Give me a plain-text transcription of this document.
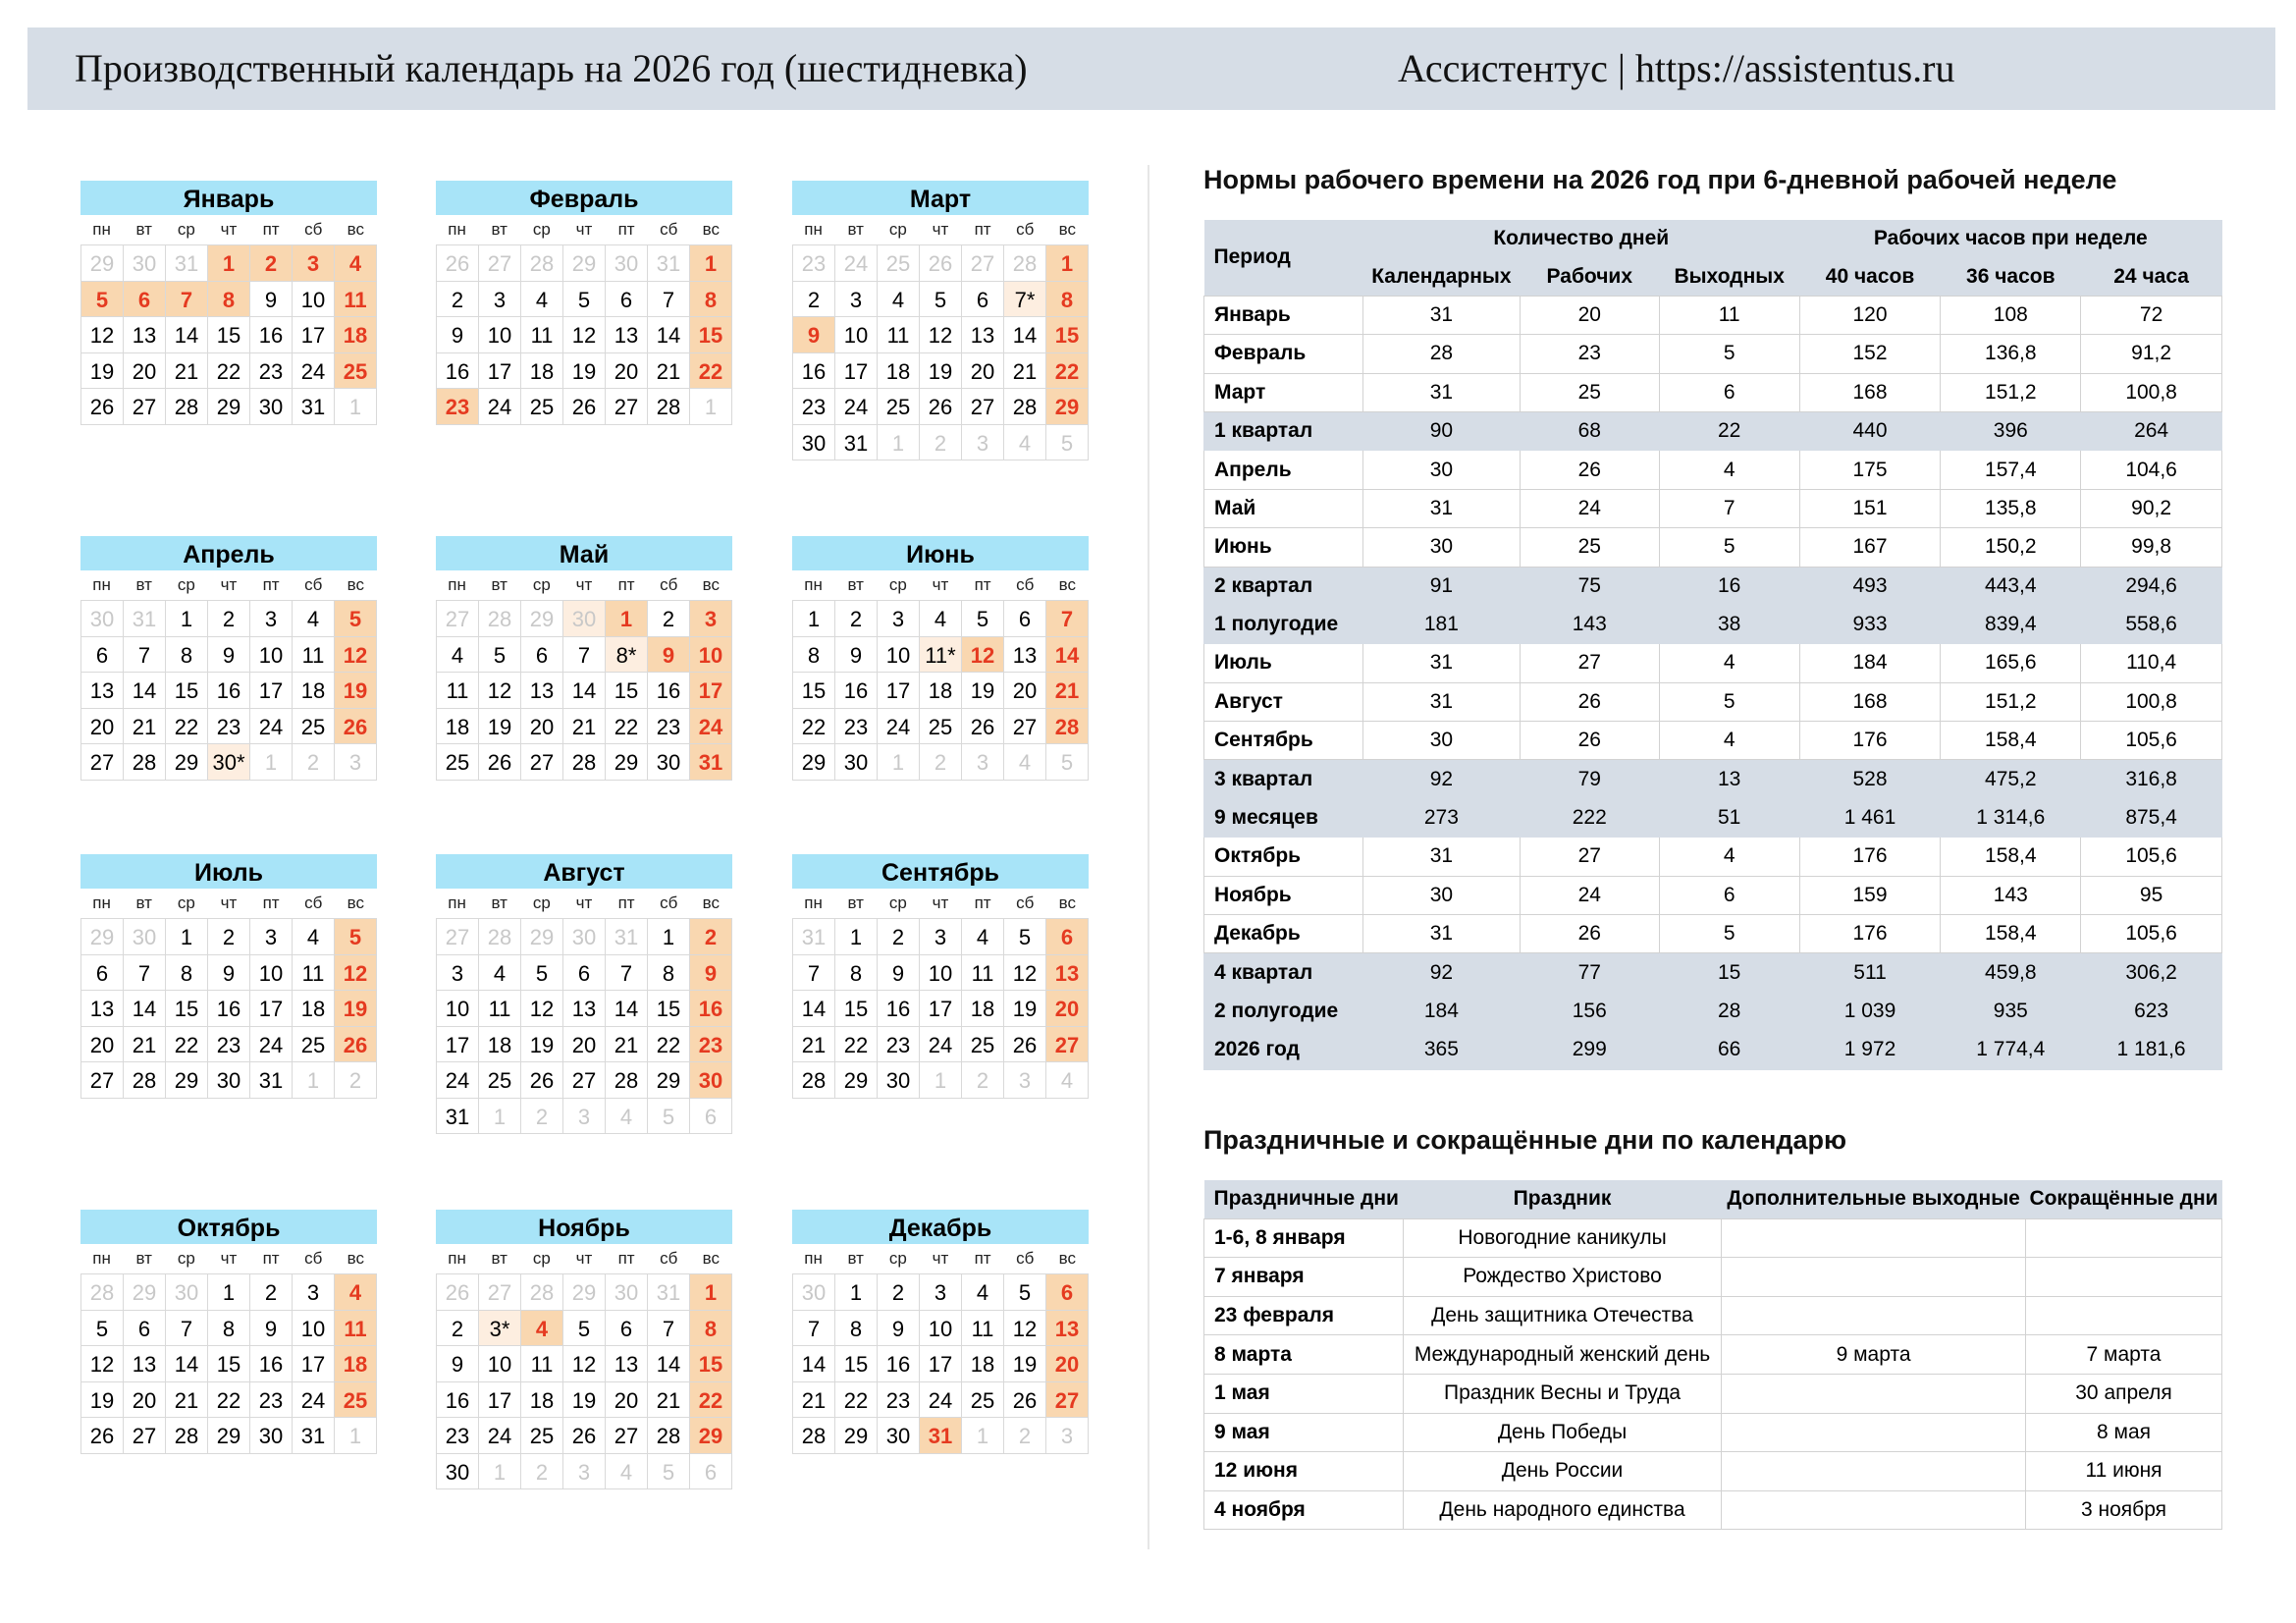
Производственный календарь на 2026 год (шестидневка)	Ассистентус | https://assistentus.ru
Январь
пн	вт	ср	чт	пт	сб	вс
29 30 31	1	2	3	4
5	6	7	8	9	10 11
12 13 14 15 16 17 18
19 20 21 22 23 24 25
26 27 28 29 30 31	1
Февраль
пн	вт	ср	чт	пт	сб	вс
26 27 28 29 30 31	1
2	3	4	5	6	7	8
9	10 11 12 13 14 15
16 17 18 19 20 21 22
23 24 25 26 27 28	1
Март
пн	вт	ср	чт	пт	сб	вс
23 24 25 26 27 28	1
2	3	4	5	6	7*	8
9	10 11 12 13 14 15
16 17 18 19 20 21 22
23 24 25 26 27 28 29
30 31	1	2	3	4	5
Апрель
пн	вт	ср	чт	пт	сб	вс
30 31	1	2	3	4	5
6	7	8	9	10 11 12
13 14 15 16 17 18 19
20 21 22 23 24 25 26
27 28 29 30* 1	2	3
Май
пн	вт	ср	чт	пт	сб	вс
27 28 29 30	1	2	3
4	5	6	7	8*	9	10
11 12 13 14 15 16 17
18 19 20 21 22 23 24
25 26 27 28 29 30 31
Июнь
пн	вт	ср	чт	пт	сб	вс
1	2	3	4	5	6	7
8	9	10 11* 12 13 14
15 16 17 18 19 20 21
22 23 24 25 26 27 28
29 30	1	2	3	4	5
Июль
пн	вт	ср	чт	пт	сб	вс
29 30	1	2	3	4	5
6	7	8	9	10 11 12
13 14 15 16 17 18 19
20 21 22 23 24 25 26
27 28 29 30 31	1	2
Август
пн	вт	ср	чт	пт	сб	вс
27 28 29 30 31	1	2
3	4	5	6	7	8	9
10 11 12 13 14 15 16
17 18 19 20 21 22 23
24 25 26 27 28 29 30
31	1	2	3	4	5	6
Сентябрь
пн	вт	ср	чт	пт	сб	вс
31	1	2	3	4	5	6
7	8	9	10 11 12 13
14 15 16 17 18 19 20
21 22 23 24 25 26 27
28 29 30	1	2	3	4
Октябрь
пн	вт	ср	чт	пт	сб	вс
28 29 30	1	2	3	4
5	6	7	8	9	10 11
12 13 14 15 16 17 18
19 20 21 22 23 24 25
26 27 28 29 30 31	1
Ноябрь
пн	вт	ср	чт	пт	сб	вс
26 27 28 29 30 31	1
2	3*	4	5	6	7	8
9	10 11 12 13 14 15
16 17 18 19 20 21 22
23 24 25 26 27 28 29
30	1	2	3	4	5	6
Декабрь
пн	вт	ср	чт	пт	сб	вс
30	1	2	3	4	5	6
7	8	9	10 11 12 13
14 15 16 17 18 19 20
21 22 23 24 25 26 27
28 29 30 31	1	2	3
Нормы рабочего времени на 2026 год при 6-дневной рабочей неделе
Период	Количество дней			Рабочих часов при неделе		
	Календарных	Рабочих	Выходных	40 часов	36 часов	24 часа
Январь	31	20	11	120	108	72
Февраль	28	23	5	152	136,8	91,2
Март	31	25	6	168	151,2	100,8
1 квартал	90	68	22	440	396	264
Апрель	30	26	4	175	157,4	104,6
Май	31	24	7	151	135,8	90,2
Июнь	30	25	5	167	150,2	99,8
2 квартал	91	75	16	493	443,4	294,6
1 полугодие	181	143	38	933	839,4	558,6
Июль	31	27	4	184	165,6	110,4
Август	31	26	5	168	151,2	100,8
Сентябрь	30	26	4	176	158,4	105,6
3 квартал	92	79	13	528	475,2	316,8
9 месяцев	273	222	51	1 461	1 314,6	875,4
Октябрь	31	27	4	176	158,4	105,6
Ноябрь	30	24	6	159	143	95
Декабрь	31	26	5	176	158,4	105,6
4 квартал	92	77	15	511	459,8	306,2
2 полугодие	184	156	28	1 039	935	623
2026 год	365	299	66	1 972	1 774,4	1 181,6
Праздничные и сокращённые дни по календарю
Праздничные дни	Праздник	Дополнительные выходные	Сокращённые дни
1-6, 8 января	Новогодние каникулы		
7 января	Рождество Христово		
23 февраля	День защитника Отечества		
8 марта	Международный женский день	9 марта	7 марта
1 мая	Праздник Весны и Труда		30 апреля
9 мая	День Победы		8 мая
12 июня	День России		11 июня
4 ноября	День народного единства		3 ноября
